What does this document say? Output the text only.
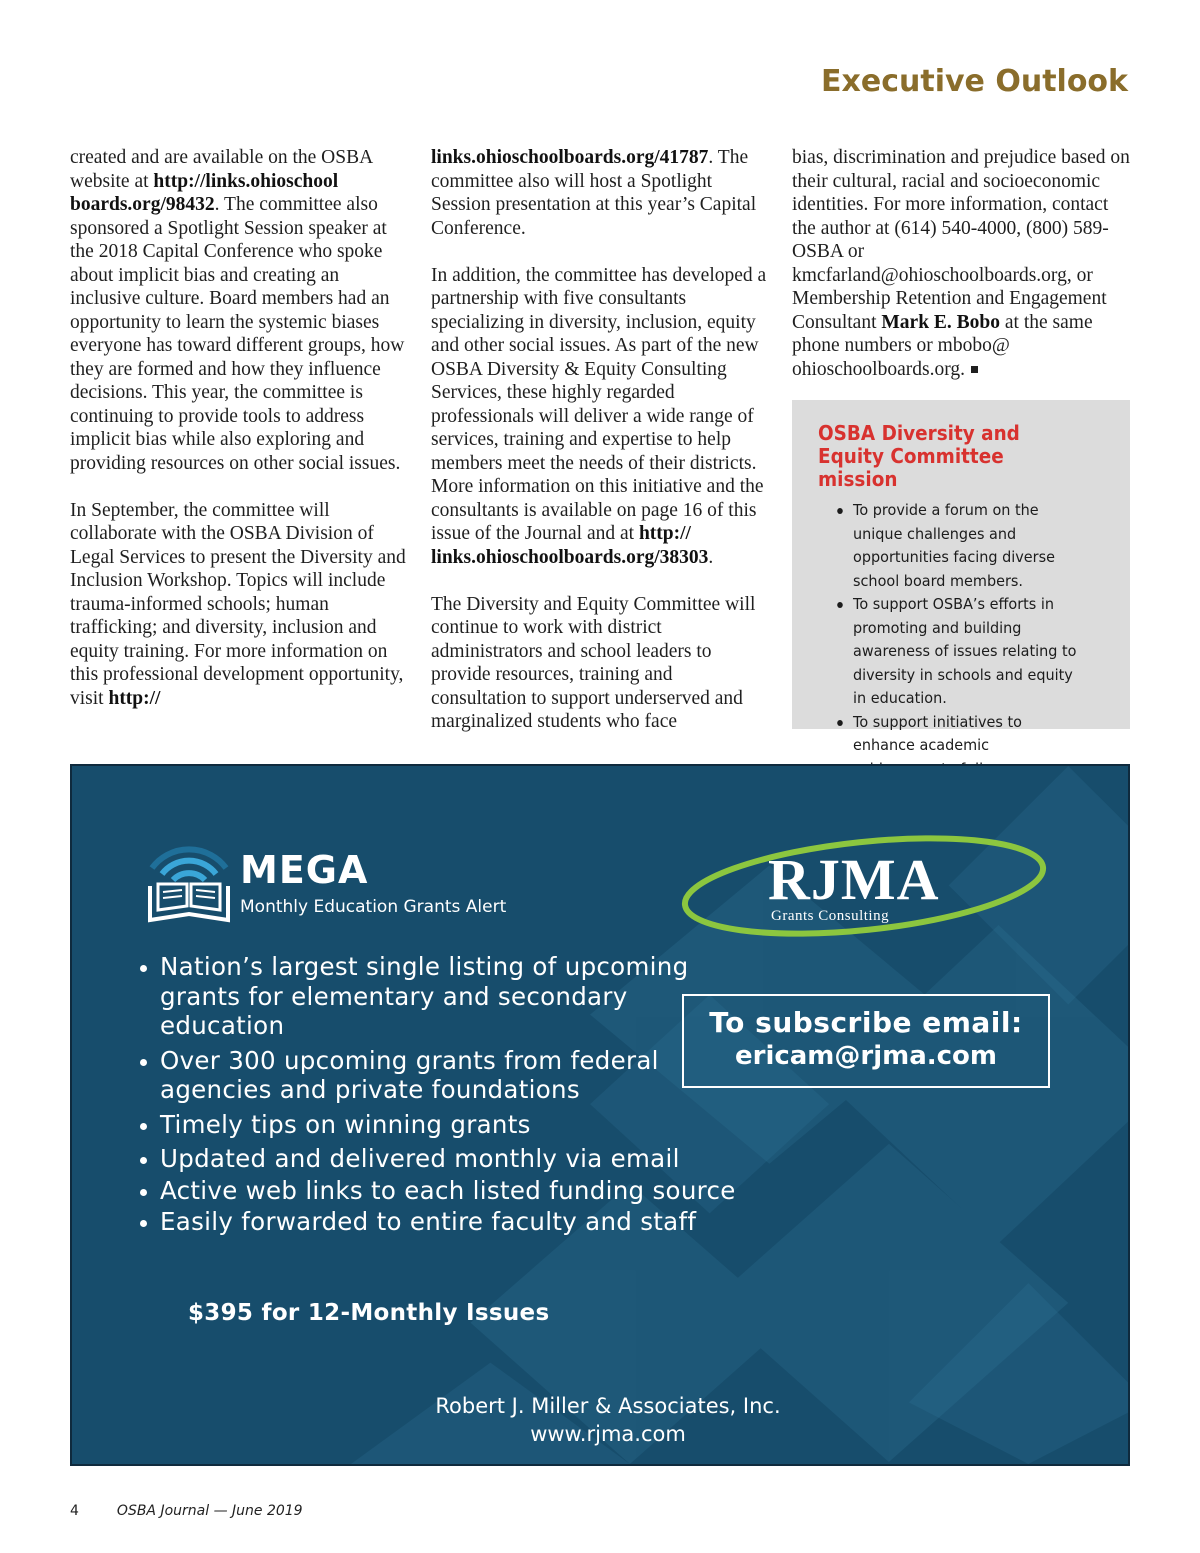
Executive Outlook

created and are available on the OSBA website at http://links.ohioschool boards.org/98432. The committee also sponsored a Spotlight Session speaker at the 2018 Capital Conference who spoke about implicit bias and creating an inclusive culture. Board members had an opportunity to learn the systemic biases everyone has toward different groups, how they are formed and how they influence decisions. This year, the committee is continuing to provide tools to address implicit bias while also exploring and providing resources on other social issues.

In September, the committee will collaborate with the OSBA Division of Legal Services to present the Diversity and Inclusion Workshop. Topics will include trauma-informed schools; human trafficking; and diversity, inclusion and equity training. For more information on this professional development opportunity, visit http://

links.ohioschoolboards.org/41787. The committee also will host a Spotlight Session presentation at this year’s Capital Conference.

In addition, the committee has developed a partnership with five consultants specializing in diversity, inclusion, equity and other social issues. As part of the new OSBA Diversity & Equity Consulting Services, these highly regarded professionals will deliver a wide range of services, training and expertise to help members meet the needs of their districts. More information on this initiative and the consultants is available on page 16 of this issue of the Journal and at http:// links.ohioschoolboards.org/38303.

The Diversity and Equity Committee will continue to work with district administrators and school leaders to provide resources, training and consultation to support underserved and marginalized students who face

bias, discrimination and prejudice based on their cultural, racial and socioeconomic identities. For more information, contact the author at (614) 540-4000, (800) 589-OSBA or kmcfarland@ohioschoolboards.org, or Membership Retention and Engagement Consultant Mark E. Bobo at the same phone numbers or mbobo@ ohioschoolboards.org.

OSBA Diversity and Equity Committee mission
To provide a forum on the unique challenges and opportunities facing diverse school board members.
To support OSBA’s efforts in promoting and building awareness of issues relating to diversity in schools and equity in education.
To support initiatives to enhance academic
MEGA

Monthly Education Grants Alert	RJMA

Grants Consulting

Nation’s largest single listing of upcoming grants for elementary and secondary education
Over 300 upcoming grants from federal agencies and private foundations
Timely tips on winning grants
Updated and delivered monthly via email
Active web links to each listed funding source
Easily forwarded to entire faculty and staff

To subscribe email:

ericam@rjma.com

$395 for 12-Monthly Issues

Robert J. Miller & Associates, Inc.

www.rjma.com

4	OSBA Journal — June 2019
